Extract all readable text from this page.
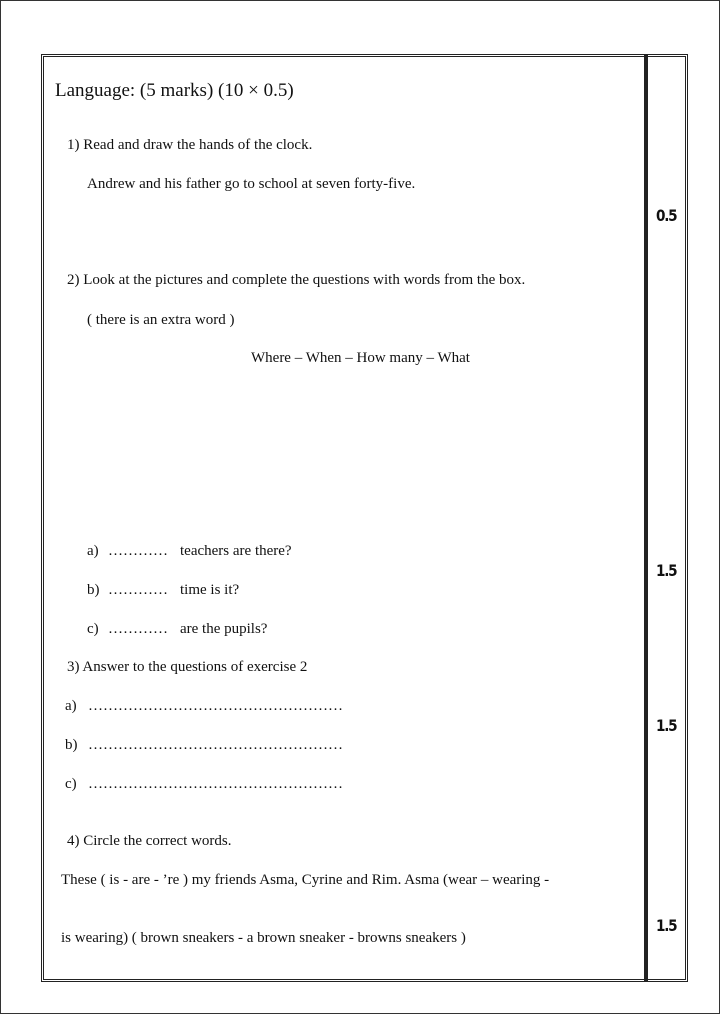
Language: (5 marks) (10 × 0.5)
1) Read and draw the hands of the clock.
Andrew and his father go to school at seven forty-five.
0.5
2) Look at the pictures and complete the questions with words from the box.
( there is an extra word )
Where – When – How many – What
a) ………… teachers are there?
b) ………… time is it?
c) ………… are the pupils?
1.5
3) Answer to the questions of exercise 2
a) ……………………………………………
b) ……………………………………………
c) ……………………………………………
1.5
4) Circle the correct words.
These ( is - are - ’re ) my friends Asma, Cyrine and Rim. Asma (wear – wearing -
is wearing) ( brown sneakers - a brown sneaker - browns sneakers )
1.5
